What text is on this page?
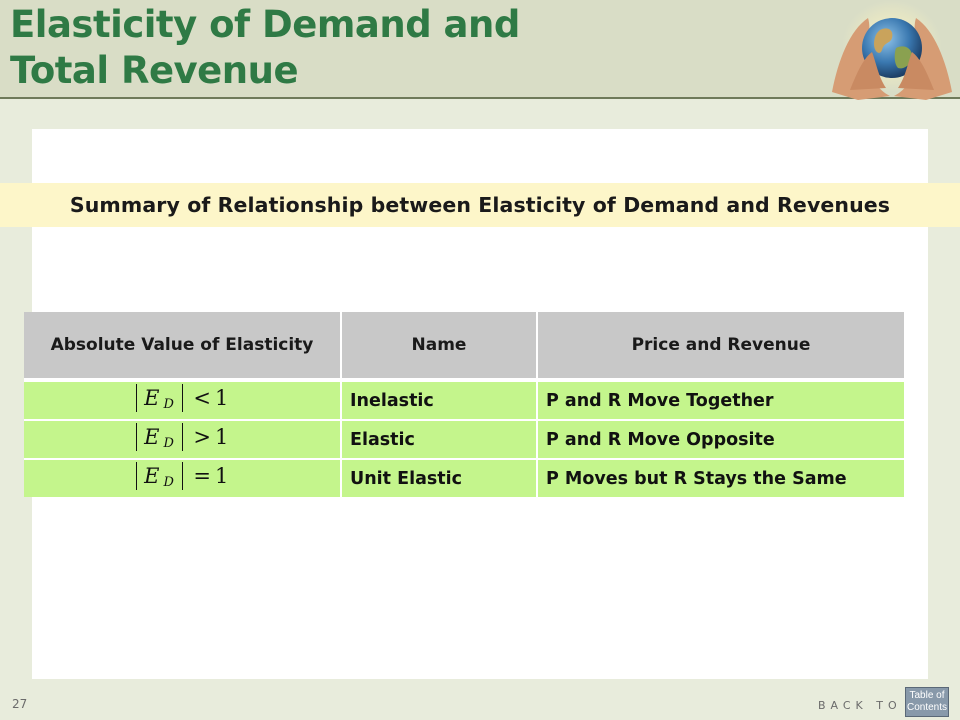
Elasticity of Demand and
Total Revenue
Summary of Relationship between Elasticity of Demand and Revenues
Absolute Value of Elasticity	Name	Price and Revenue

E D < 1	Inelastic	P and R Move Together

E D > 1	Elastic	P and R Move Opposite

E D = 1	Unit Elastic	P Moves but R Stays the Same
27	BACK TO
Table of
Contents
